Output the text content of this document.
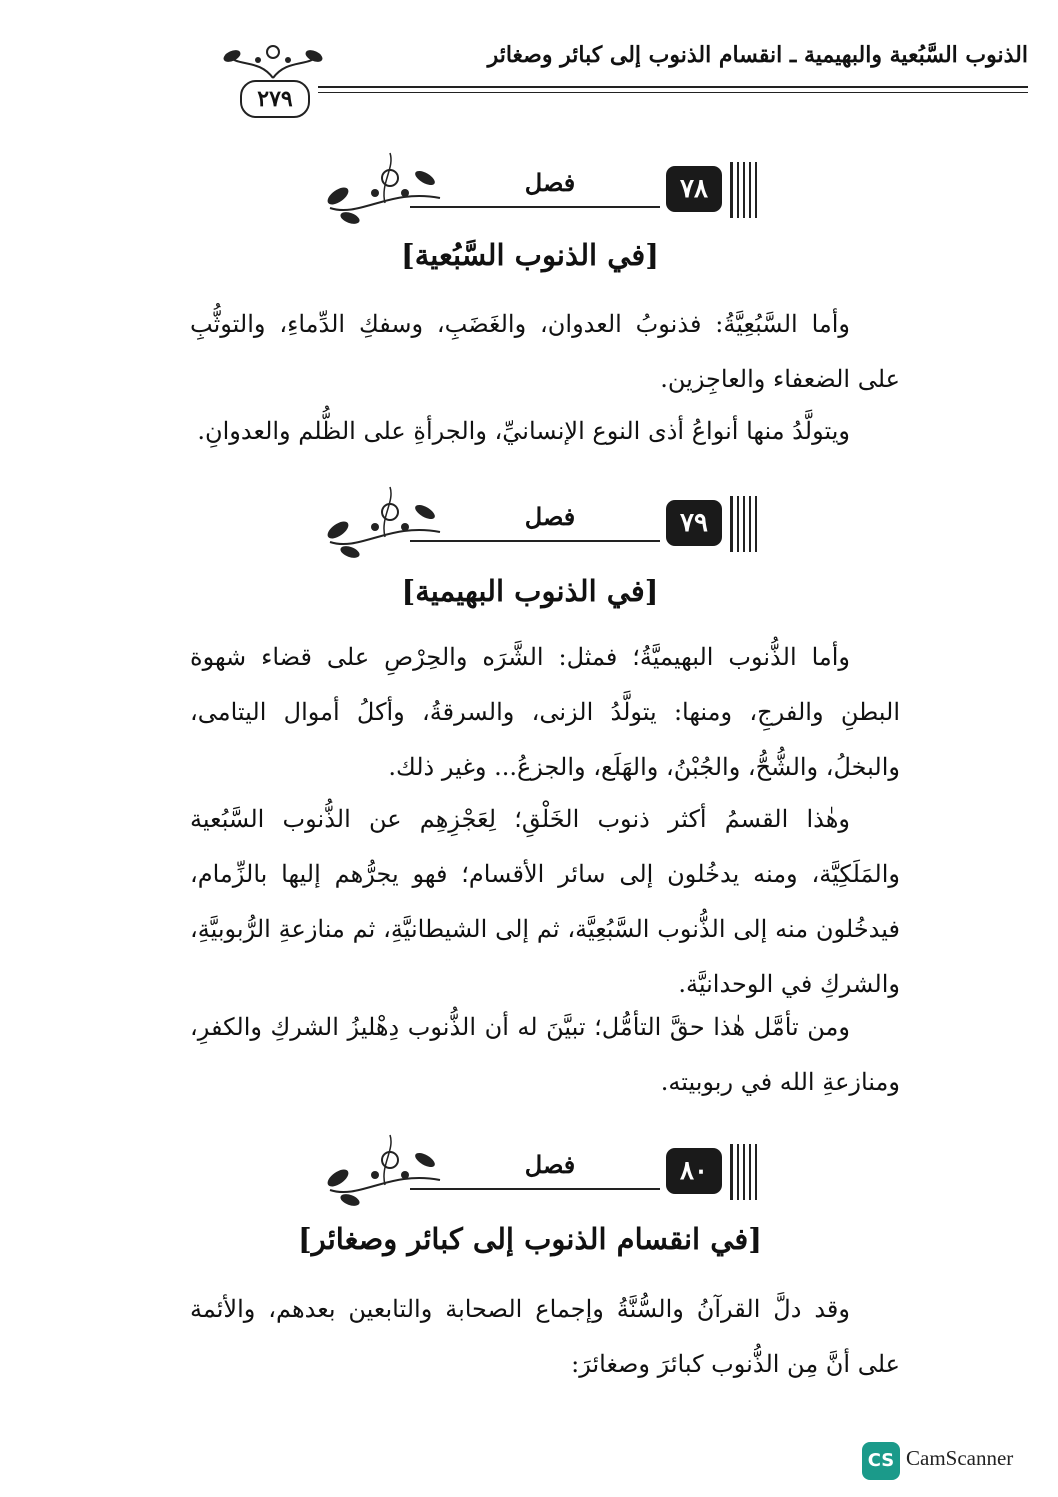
الذنوب السَّبُعية والبهيمية ـ انقسام الذنوب إلى كبائر وصغائر
٢٧٩
فصل	٧٨
[في الذنوب السَّبُعية]
وأما السَّبُعِيَّةُ: فذنوبُ العدوان، والغَضَبِ، وسفكِ الدِّماءِ، والتوثُّبِ على الضعفاء والعاجِزين.
ويتولَّدُ منها أنواعُ أذى النوع الإنسانيِّ، والجرأةِ على الظُّلم والعدوانِ.
فصل	٧٩
[في الذنوب البهيمية]
وأما الذُّنوب البهيميَّةُ؛ فمثل: الشَّرَه والحِرْصِ على قضاء شهوة البطنِ والفرجِ، ومنها: يتولَّدُ الزنى، والسرقةُ، وأكلُ أموال اليتامى، والبخلُ، والشُّحُّ، والجُبْنُ، والهَلَع، والجزعُ... وغير ذلك.
وهٰذا القسمُ أكثر ذنوب الخَلْقِ؛ لِعَجْزِهِم عن الذُّنوب السَّبُعية والمَلَكِيَّة، ومنه يدخُلون إلى سائر الأقسام؛ فهو يجرُّهم إليها بالزِّمام، فيدخُلون منه إلى الذُّنوب السَّبُعِيَّة، ثم إلى الشيطانيَّةِ، ثم منازعةِ الرُّبوبيَّةِ، والشركِ في الوحدانيَّة.
ومن تأمَّل هٰذا حقَّ التأمُّل؛ تبيَّنَ له أن الذُّنوب دِهْليزُ الشركِ والكفرِ، ومنازعةِ الله في ربوبيته.
فصل	٨٠
[في انقسام الذنوب إلى كبائر وصغائر]
وقد دلَّ القرآنُ والسُّنَّةُ وإجماع الصحابة والتابعين بعدهم، والأئمة على أنَّ مِن الذُّنوب كبائرَ وصغائرَ:
CS CamScanner
